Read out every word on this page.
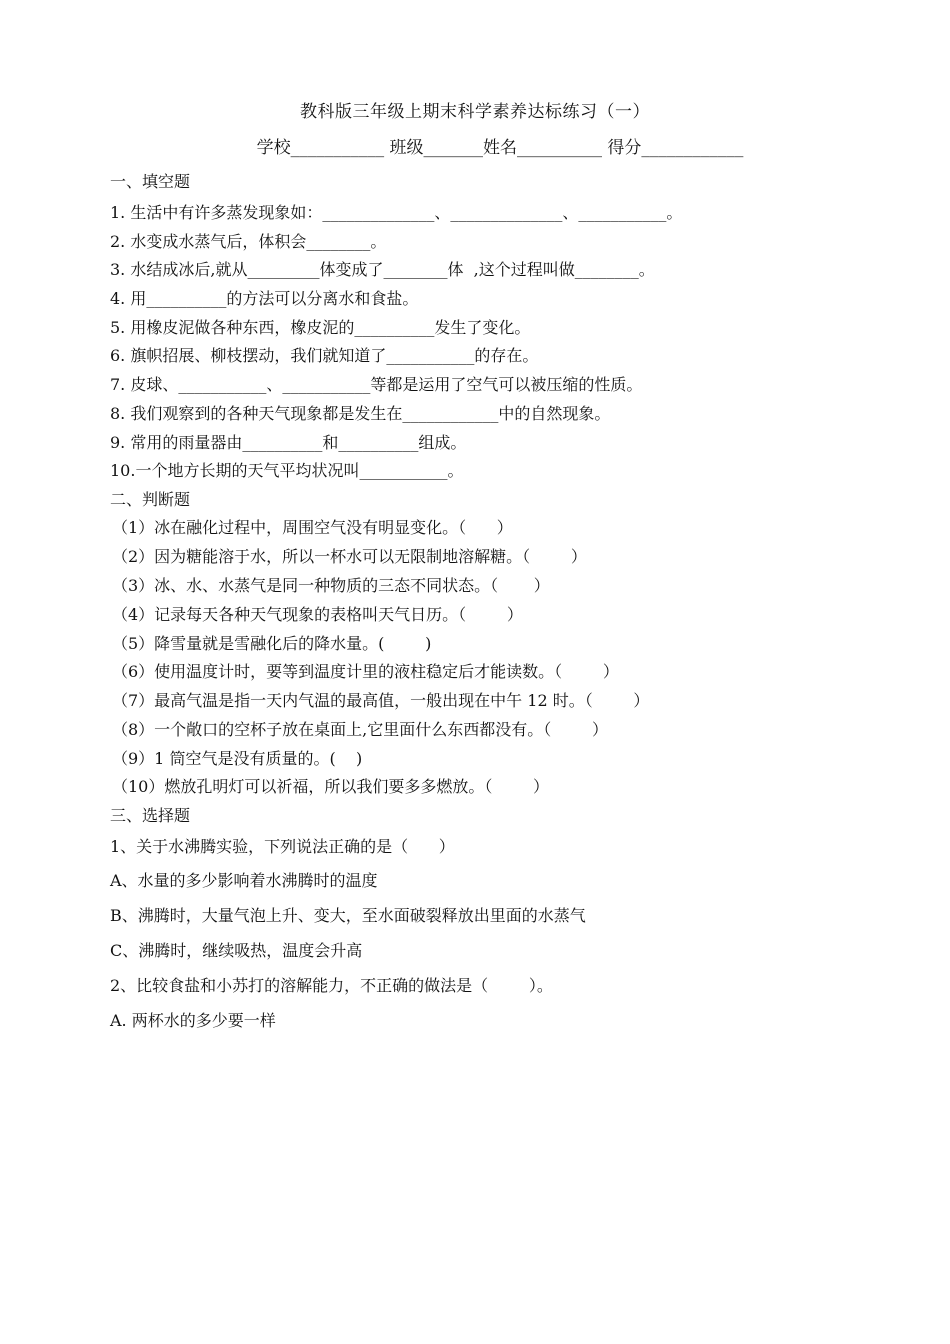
教科版三年级上期末科学素养达标练习（一）
学校___________ 班级_______姓名__________ 得分____________
一、填空题
1. 生活中有许多蒸发现象如：______________、______________、___________。
2. 水变成水蒸气后，体积会________。
3. 水结成冰后,就从_________体变成了________体  ,这个过程叫做________。
4. 用__________的方法可以分离水和食盐。
5. 用橡皮泥做各种东西，橡皮泥的__________发生了变化。
6. 旗帜招展、柳枝摆动，我们就知道了___________的存在。
7. 皮球、___________、___________等都是运用了空气可以被压缩的性质。
8. 我们观察到的各种天气现象都是发生在____________中的自然现象。
9. 常用的雨量器由__________和__________组成。
10.一个地方长期的天气平均状况叫___________。
二、判断题
（1）冰在融化过程中，周围空气没有明显变化。（      ）
（2）因为糖能溶于水，所以一杯水可以无限制地溶解糖。（        ）
（3）冰、水、水蒸气是同一种物质的三态不同状态。（       ）
（4）记录每天各种天气现象的表格叫天气日历。（        ）
（5）降雪量就是雪融化后的降水量。(        )
（6）使用温度计时，要等到温度计里的液柱稳定后才能读数。（        ）
（7）最高气温是指一天内气温的最高值，一般出现在中午 12 时。（        ）
（8）一个敞口的空杯子放在桌面上,它里面什么东西都没有。（        ）
（9）1 筒空气是没有质量的。(    )
（10）燃放孔明灯可以祈福，所以我们要多多燃放。（        ）
三、选择题
1、关于水沸腾实验，下列说法正确的是（      ）
A、水量的多少影响着水沸腾时的温度
B、沸腾时，大量气泡上升、变大，至水面破裂释放出里面的水蒸气
C、沸腾时，继续吸热，温度会升高
2、比较食盐和小苏打的溶解能力，不正确的做法是（        ）。
A. 两杯水的多少要一样
